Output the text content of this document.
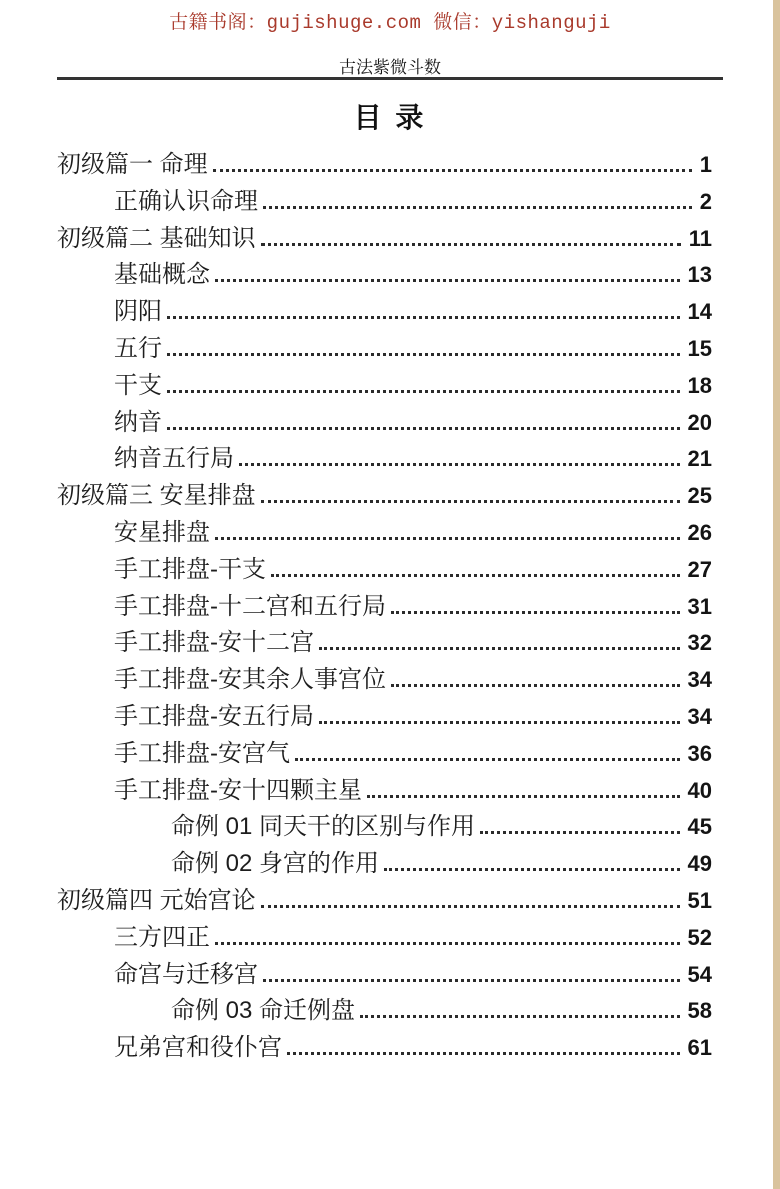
古籍书阁：gujishuge.com 微信：yishanguji
古法紫微斗数
目 录
初级篇一 命理	1
正确认识命理	2
初级篇二 基础知识	11
基础概念	13
阴阳	14
五行	15
干支	18
纳音	20
纳音五行局	21
初级篇三 安星排盘	25
安星排盘	26
手工排盘-干支	27
手工排盘-十二宫和五行局	31
手工排盘-安十二宫	32
手工排盘-安其余人事宫位	34
手工排盘-安五行局	34
手工排盘-安宫气	36
手工排盘-安十四颗主星	40
命例 01 同天干的区别与作用	45
命例 02 身宫的作用	49
初级篇四 元始宫论	51
三方四正	52
命宫与迁移宫	54
命例 03 命迁例盘	58
兄弟宫和役仆宫	61
